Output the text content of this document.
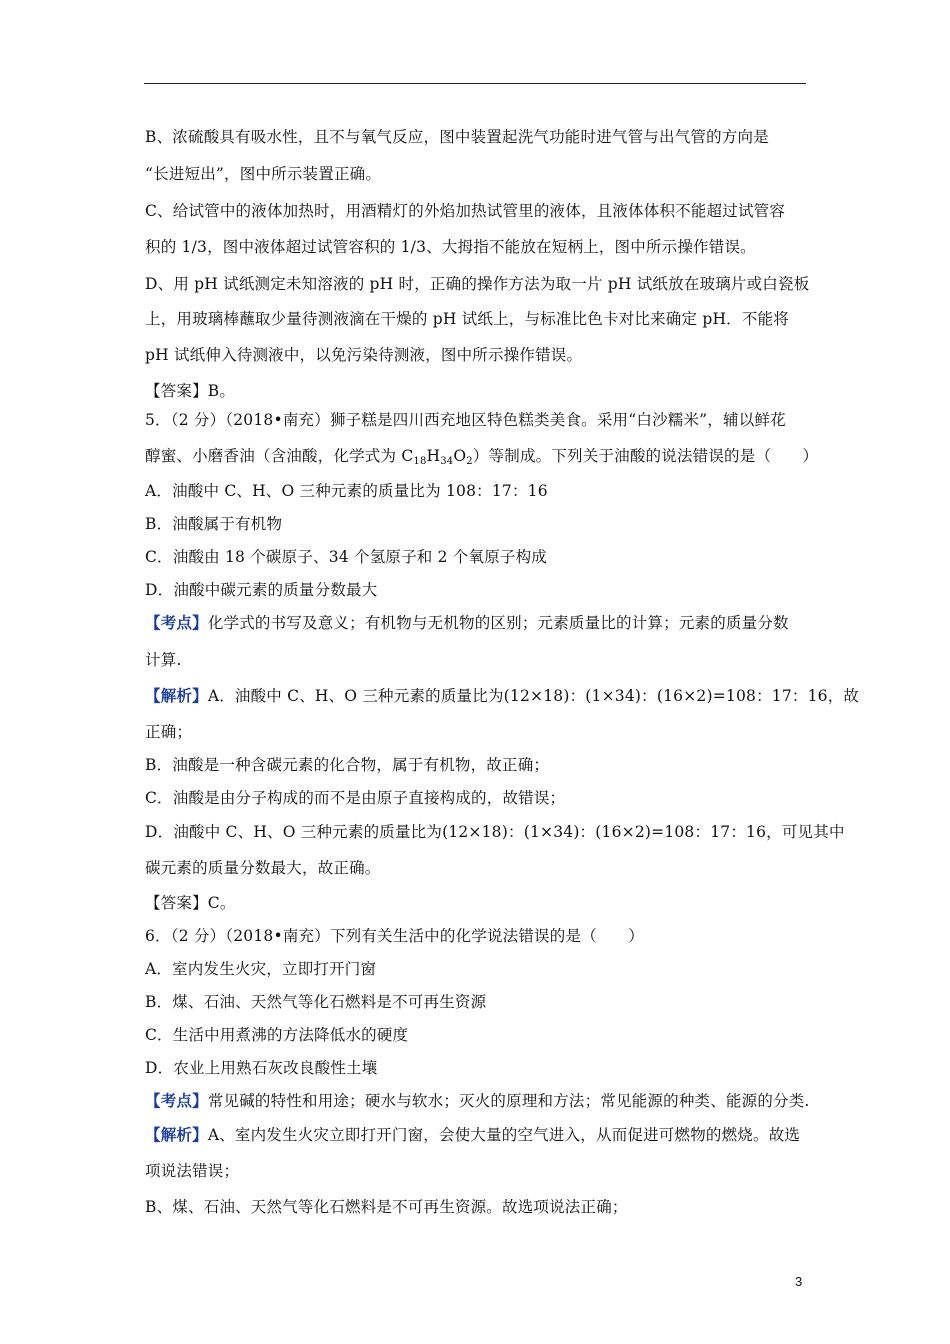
B、浓硫酸具有吸水性，且不与氧气反应，图中装置起洗气功能时进气管与出气管的方向是
“长进短出”，图中所示装置正确。
C、给试管中的液体加热时，用酒精灯的外焰加热试管里的液体，且液体体积不能超过试管容
积的 1/3，图中液体超过试管容积的 1/3、大拇指不能放在短柄上，图中所示操作错误。
D、用 pH 试纸测定未知溶液的 pH 时，正确的操作方法为取一片 pH 试纸放在玻璃片或白瓷板
上，用玻璃棒蘸取少量待测液滴在干燥的 pH 试纸上，与标准比色卡对比来确定 pH．不能将
pH 试纸伸入待测液中，以免污染待测液，图中所示操作错误。
【答案】B。
5．（2 分）（2018•南充）狮子糕是四川西充地区特色糕类美食。采用“白沙糯米”，辅以鲜花
醇蜜、小磨香油（含油酸，化学式为 $C_{18}H_{34}O_2$）等制成。下列关于油酸的说法错误的是（　　）
A．油酸中 C、H、O 三种元素的质量比为 108：17：16
B．油酸属于有机物
C．油酸由 18 个碳原子、34 个氢原子和 2 个氧原子构成
D．油酸中碳元素的质量分数最大
【考点】化学式的书写及意义；有机物与无机物的区别；元素质量比的计算；元素的质量分数
计算.
【解析】A．油酸中 C、H、O 三种元素的质量比为(12×18)：(1×34)：(16×2)=108：17：16，故
正确；
B．油酸是一种含碳元素的化合物，属于有机物，故正确；
C．油酸是由分子构成的而不是由原子直接构成的，故错误；
D．油酸中 C、H、O 三种元素的质量比为(12×18)：(1×34)：(16×2)=108：17：16，可见其中
碳元素的质量分数最大，故正确。
【答案】C。
6．（2 分）（2018•南充）下列有关生活中的化学说法错误的是（　　）
A．室内发生火灾，立即打开门窗
B．煤、石油、天然气等化石燃料是不可再生资源
C．生活中用煮沸的方法降低水的硬度
D．农业上用熟石灰改良酸性土壤
【考点】常见碱的特性和用途；硬水与软水；灭火的原理和方法；常见能源的种类、能源的分类.
【解析】A、室内发生火灾立即打开门窗，会使大量的空气进入，从而促进可燃物的燃烧。故选
项说法错误；
B、煤、石油、天然气等化石燃料是不可再生资源。故选项说法正确；
3
